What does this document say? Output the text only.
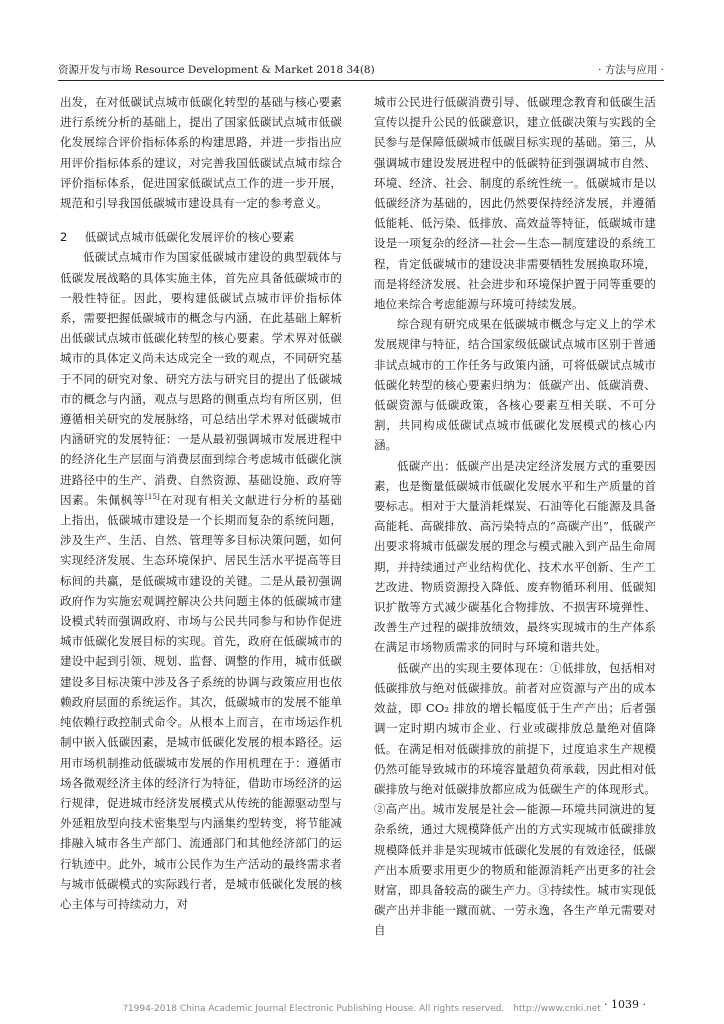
资源开发与市场 Resource Development & Market 2018 34(8)	· 方法与应用 ·

出发，在对低碳试点城市低碳化转型的基础与核心要素进行系统分析的基础上，提出了国家低碳试点城市低碳化发展综合评价指标体系的构建思路，并进一步指出应用评价指标体系的建议，对完善我国低碳试点城市综合评价指标体系，促进国家低碳试点工作的进一步开展，规范和引导我国低碳城市建设具有一定的参考意义。

2 低碳试点城市低碳化发展评价的核心要素

低碳试点城市作为国家低碳城市建设的典型载体与低碳发展战略的具体实施主体，首先应具备低碳城市的一般性特征。因此，要构建低碳试点城市评价指标体系，需要把握低碳城市的概念与内涵，在此基础上解析出低碳试点城市低碳化转型的核心要素。学术界对低碳城市的具体定义尚未达成完全一致的观点，不同研究基于不同的研究对象、研究方法与研究目的提出了低碳城市的概念与内涵，观点与思路的侧重点均有所区别，但遵循相关研究的发展脉络，可总结出学术界对低碳城市内涵研究的发展特征：一是从最初强调城市发展进程中的经济化生产层面与消费层面到综合考虑城市低碳化演进路径中的生产、消费、自然资源、基础设施、政府等因素。朱佩枫等[15]在对现有相关文献进行分析的基础上指出，低碳城市建设是一个长期而复杂的系统问题，涉及生产、生活、自然、管理等多目标决策问题，如何实现经济发展、生态环境保护、居民生活水平提高等目标间的共赢，是低碳城市建设的关键。二是从最初强调政府作为实施宏观调控解决公共问题主体的低碳城市建设模式转而强调政府、市场与公民共同参与和协作促进城市低碳化发展目标的实现。首先，政府在低碳城市的建设中起到引领、规划、监督、调整的作用，城市低碳建设多目标决策中涉及各子系统的协调与政策应用也依赖政府层面的系统运作。其次，低碳城市的发展不能单纯依赖行政控制式命令。从根本上而言，在市场运作机制中嵌入低碳因素，是城市低碳化发展的根本路径。运用市场机制推动低碳城市发展的作用机理在于：遵循市场各微观经济主体的经济行为特征，借助市场经济的运行规律，促进城市经济发展模式从传统的能源驱动型与外延粗放型向技术密集型与内涵集约型转变，将节能减排融入城市各生产部门、流通部门和其他经济部门的运行轨迹中。此外，城市公民作为生产活动的最终需求者与城市低碳模式的实际践行者，是城市低碳化发展的核心主体与可持续动力，对

城市公民进行低碳消费引导、低碳理念教育和低碳生活宣传以提升公民的低碳意识，建立低碳决策与实践的全民参与是保障低碳城市低碳目标实现的基础。第三，从强调城市建设发展进程中的低碳特征到强调城市自然、环境、经济、社会、制度的系统性统一。低碳城市是以低碳经济为基础的，因此仍然要保持经济发展，并遵循低能耗、低污染、低排放、高效益等特征，低碳城市建设是一项复杂的经济—社会—生态—制度建设的系统工程，肯定低碳城市的建设决非需要牺牲发展换取环境，而是将经济发展、社会进步和环境保护置于同等重要的地位来综合考虑能源与环境可持续发展。

综合现有研究成果在低碳城市概念与定义上的学术发展规律与特征，结合国家级低碳试点城市区别于普通非试点城市的工作任务与政策内涵，可将低碳试点城市低碳化转型的核心要素归纳为：低碳产出、低碳消费、低碳资源与低碳政策，各核心要素互相关联、不可分割，共同构成低碳试点城市低碳化发展模式的核心内涵。

低碳产出：低碳产出是决定经济发展方式的重要因素，也是衡量低碳城市低碳化发展水平和生产质量的首要标志。相对于大量消耗煤炭、石油等化石能源及具备高能耗、高碳排放、高污染特点的“高碳产出”，低碳产出要求将城市低碳发展的理念与模式融入到产品生命周期，并持续通过产业结构优化、技术水平创新、生产工艺改进、物质资源投入降低、废弃物循环利用、低碳知识扩散等方式减少碳基化合物排放、不损害环境弹性、改善生产过程的碳排放绩效，最终实现城市的生产体系在满足市场物质需求的同时与环境和谐共处。

低碳产出的实现主要体现在：①低排放，包括相对低碳排放与绝对低碳排放。前者对应资源与产出的成本效益，即 CO₂ 排放的增长幅度低于生产产出；后者强调一定时期内城市企业、行业或碳排放总量绝对值降低。在满足相对低碳排放的前提下，过度追求生产规模仍然可能导致城市的环境容量超负荷承载，因此相对低碳排放与绝对低碳排放都应成为低碳生产的体现形式。②高产出。城市发展是社会—能源—环境共同演进的复杂系统，通过大规模降低产出的方式实现城市低碳排放规模降低并非是实现城市低碳化发展的有效途径，低碳产出本质要求用更少的物质和能源消耗产出更多的社会财富，即具备较高的碳生产力。③持续性。城市实现低碳产出并非能一蹴而就、一劳永逸，各生产单元需要对自

· 1039 ·
?1994-2018 China Academic Journal Electronic Publishing House. All rights reserved. http://www.cnki.net
